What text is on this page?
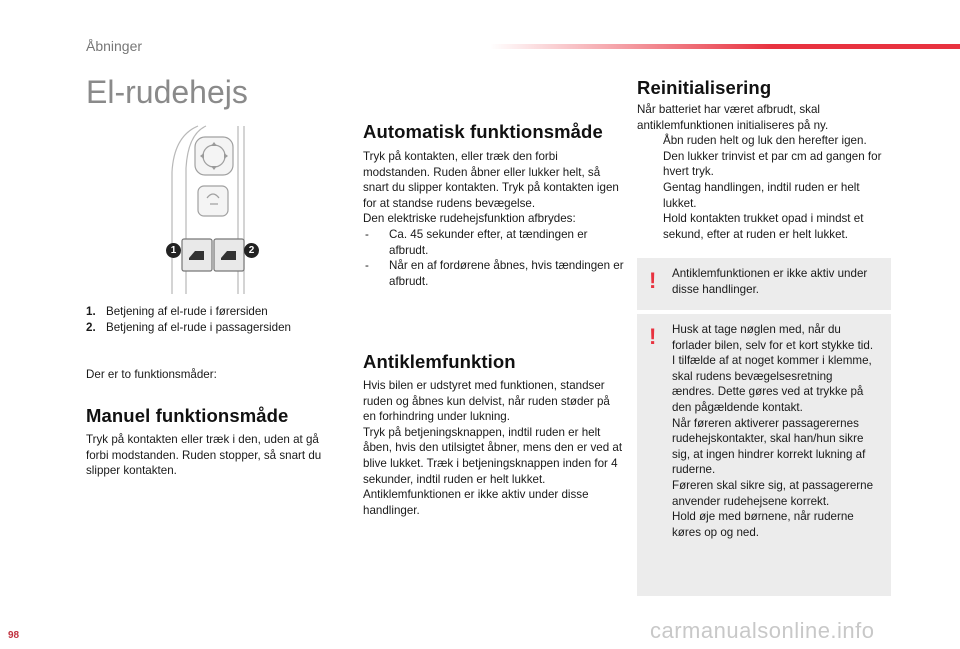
Åbninger
El-rudehejs
1	2

1. Betjening af el-rude i førersiden

2. Betjening af el-rude i passagersiden

Der er to funktionsmåder:

Manuel funktionsmåde

Tryk på kontakten eller træk i den, uden at gå forbi modstanden. Ruden stopper, så snart du slipper kontakten.

Automatisk funktionsmåde

Tryk på kontakten, eller træk den forbi modstanden. Ruden åbner eller lukker helt, så snart du slipper kontakten. Tryk på kontakten igen for at standse rudens bevægelse.

Den elektriske rudehejsfunktion afbrydes:

- Ca. 45 sekunder efter, at tændingen er afbrudt.
- Når en af fordørene åbnes, hvis tændingen er afbrudt.
Antiklemfunktion

Hvis bilen er udstyret med funktionen, standser ruden og åbnes kun delvist, når ruden støder på en forhindring under lukning.

Tryk på betjeningsknappen, indtil ruden er helt åben, hvis den utilsigtet åbner, mens den er ved at blive lukket. Træk i betjeningsknappen inden for 4 sekunder, indtil ruden er helt lukket.

Antiklemfunktionen er ikke aktiv under disse handlinger.

Reinitialisering

Når batteriet har været afbrudt, skal antiklemfunktionen initialiseres på ny.

Åbn ruden helt og luk den herefter igen. Den lukker trinvist et par cm ad gangen for hvert tryk.
Gentag handlingen, indtil ruden er helt lukket.
Hold kontakten trukket opad i mindst et sekund, efter at ruden er helt lukket.
! Antiklemfunktionen er ikke aktiv under disse handlinger.

! Husk at tage nøglen med, når du forlader bilen, selv for et kort stykke tid.
I tilfælde af at noget kommer i klemme, skal rudens bevægelsesretning ændres. Dette gøres ved at trykke på den pågældende kontakt.
Når føreren aktiverer passagerernes rudehejskontakter, skal han/hun sikre sig, at ingen hindrer korrekt lukning af ruderne.
Føreren skal sikre sig, at passagererne anvender rudehejsene korrekt.
Hold øje med børnene, når ruderne køres op og ned.

98	carmanualsonline.info
